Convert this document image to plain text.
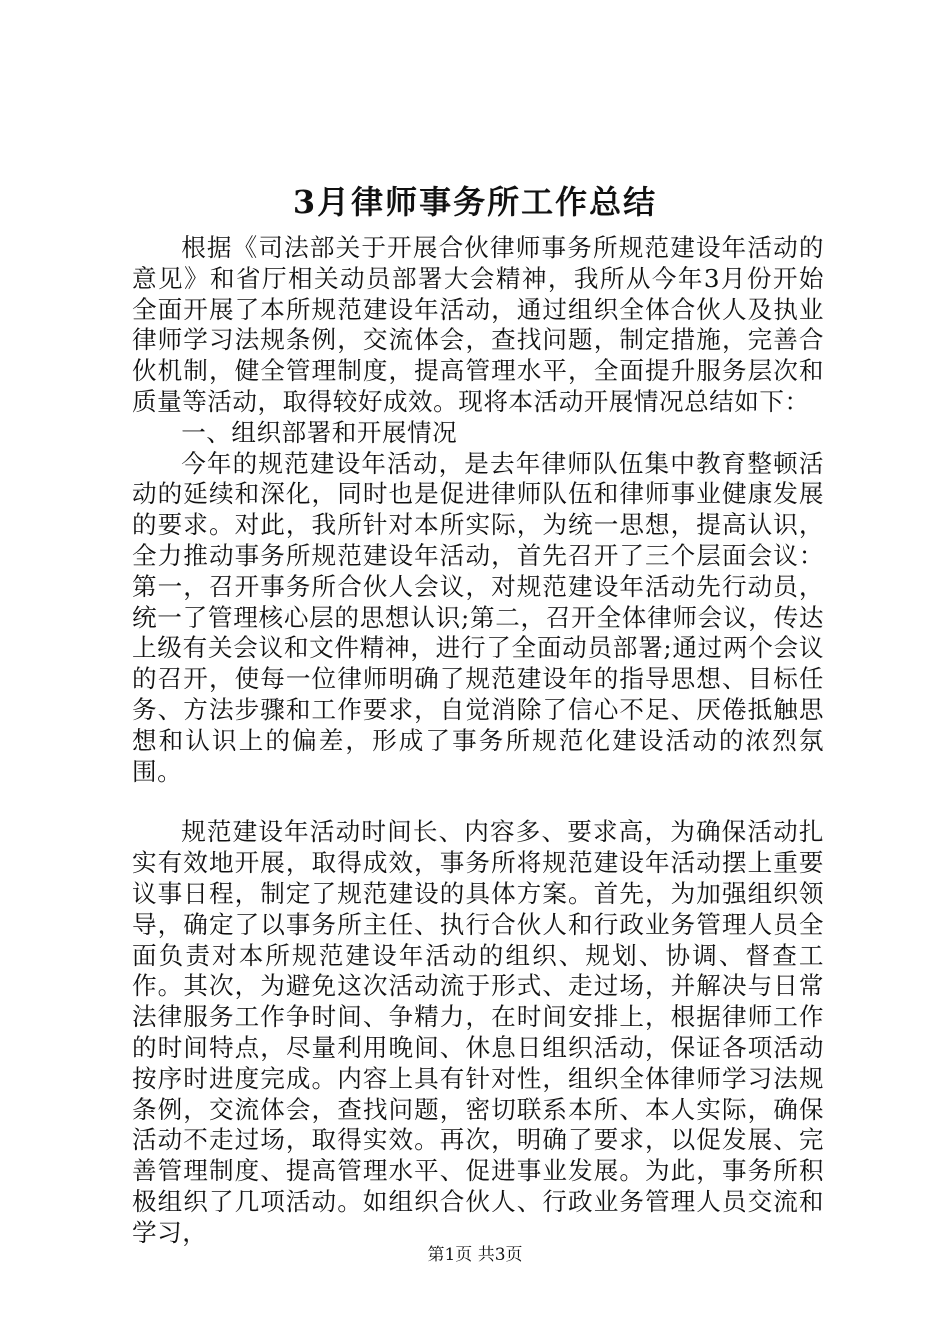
3月律师事务所工作总结

根据《司法部关于开展合伙律师事务所规范建设年活动的意见》和省厅相关动员部署大会精神，我所从今年3月份开始全面开展了本所规范建设年活动，通过组织全体合伙人及执业律师学习法规条例，交流体会，查找问题，制定措施，完善合伙机制，健全管理制度，提高管理水平，全面提升服务层次和质量等活动，取得较好成效。现将本活动开展情况总结如下：

一、组织部署和开展情况

今年的规范建设年活动，是去年律师队伍集中教育整顿活动的延续和深化，同时也是促进律师队伍和律师事业健康发展的要求。对此，我所针对本所实际，为统一思想，提高认识，全力推动事务所规范建设年活动，首先召开了三个层面会议：第一，召开事务所合伙人会议，对规范建设年活动先行动员，统一了管理核心层的思想认识;第二，召开全体律师会议，传达上级有关会议和文件精神，进行了全面动员部署;通过两个会议的召开，使每一位律师明确了规范建设年的指导思想、目标任务、方法步骤和工作要求，自觉消除了信心不足、厌倦抵触思想和认识上的偏差，形成了事务所规范化建设活动的浓烈氛围。

规范建设年活动时间长、内容多、要求高，为确保活动扎实有效地开展，取得成效，事务所将规范建设年活动摆上重要议事日程，制定了规范建设的具体方案。首先，为加强组织领导，确定了以事务所主任、执行合伙人和行政业务管理人员全面负责对本所规范建设年活动的组织、规划、协调、督查工作。其次，为避免这次活动流于形式、走过场，并解决与日常法律服务工作争时间、争精力，在时间安排上，根据律师工作的时间特点，尽量利用晚间、休息日组织活动，保证各项活动按序时进度完成。内容上具有针对性，组织全体律师学习法规条例，交流体会，查找问题，密切联系本所、本人实际，确保活动不走过场，取得实效。再次，明确了要求，以促发展、完善管理制度、提高管理水平、促进事业发展。为此，事务所积极组织了几项活动。如组织合伙人、行政业务管理人员交流和学习，

第1页 共3页
